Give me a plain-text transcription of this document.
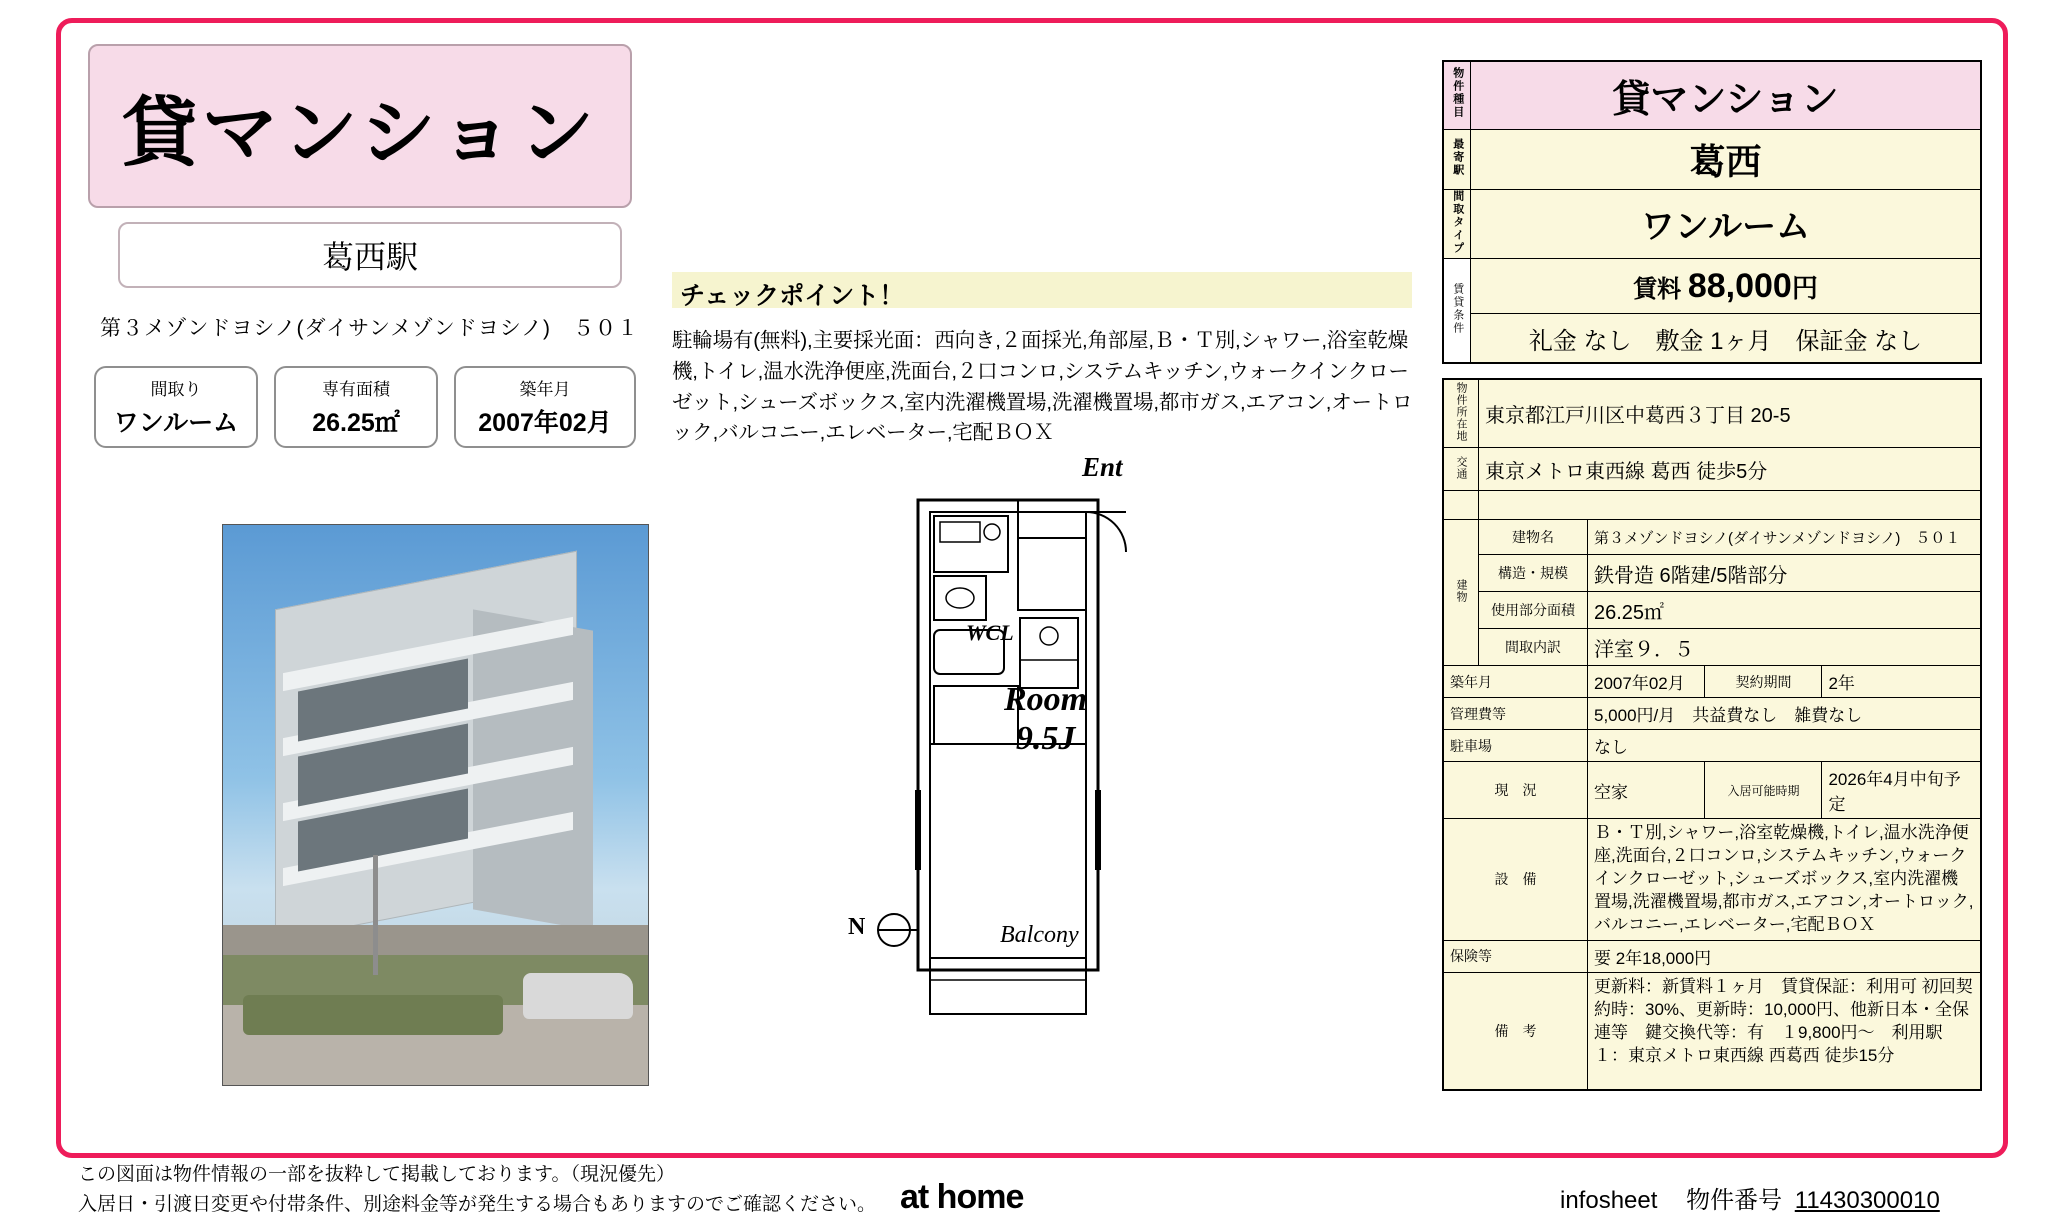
貸マンション
葛西駅
第３メゾンドヨシノ(ダイサンメゾンドヨシノ)　５０１
間取り
ワンルーム
専有面積
26.25㎡
築年月
2007年02月
チェックポイント！
駐輪場有(無料),主要採光面：西向き,２面採光,角部屋,Ｂ・Ｔ別,シャワー,浴室乾燥機,トイレ,温水洗浄便座,洗面台,２口コンロ,システムキッチン,ウォークインクローゼット,シューズボックス,室内洗濯機置場,洗濯機置場,都市ガス,エアコン,オートロック,バルコニー,エレベーター,宅配ＢＯＸ
Ent
WCL
Room
9.5J
Balcony
N
物件種目	貸マンション
最寄駅	葛西
間取タイプ	ワンルーム
賃貸条件	賃料 88,000円
	礼金 なし　敷金 1ヶ月　保証金 なし
物件所在地	東京都江戸川区中葛西３丁目 20-5			
交通	東京メトロ東西線 葛西 徒歩5分			

建物	建物名	第３メゾンドヨシノ(ダイサンメゾンドヨシノ)　５０１		
	構造・規模	鉄骨造 6階建/5階部分		
	使用部分面積	26.25㎡		
	間取内訳	洋室９．５		
築年月		2007年02月	契約期間	2年
管理費等		5,000円/月　共益費なし　雑費なし		
駐車場		なし		
現　況		空家	入居可能時期	2026年4月中旬予定
設　備		Ｂ・Ｔ別,シャワー,浴室乾燥機,トイレ,温水洗浄便座,洗面台,２口コンロ,システムキッチン,ウォークインクローゼット,シューズボックス,室内洗濯機置場,洗濯機置場,都市ガス,エアコン,オートロック,バルコニー,エレベーター,宅配ＢＯＸ		
保険等		要 2年18,000円		
備　考		更新料：新賃料１ヶ月　賃貸保証：利用可 初回契約時：30%、更新時：10,000円、他新日本・全保連等　鍵交換代等：有　１9,800円〜　利用駅１：東京メトロ東西線 西葛西 徒歩15分		
この図面は物件情報の一部を抜粋して掲載しております。（現況優先）
入居日・引渡日変更や付帯条件、別途料金等が発生する場合もありますのでご確認ください。 at home	infosheet 物件番号 11430300010
